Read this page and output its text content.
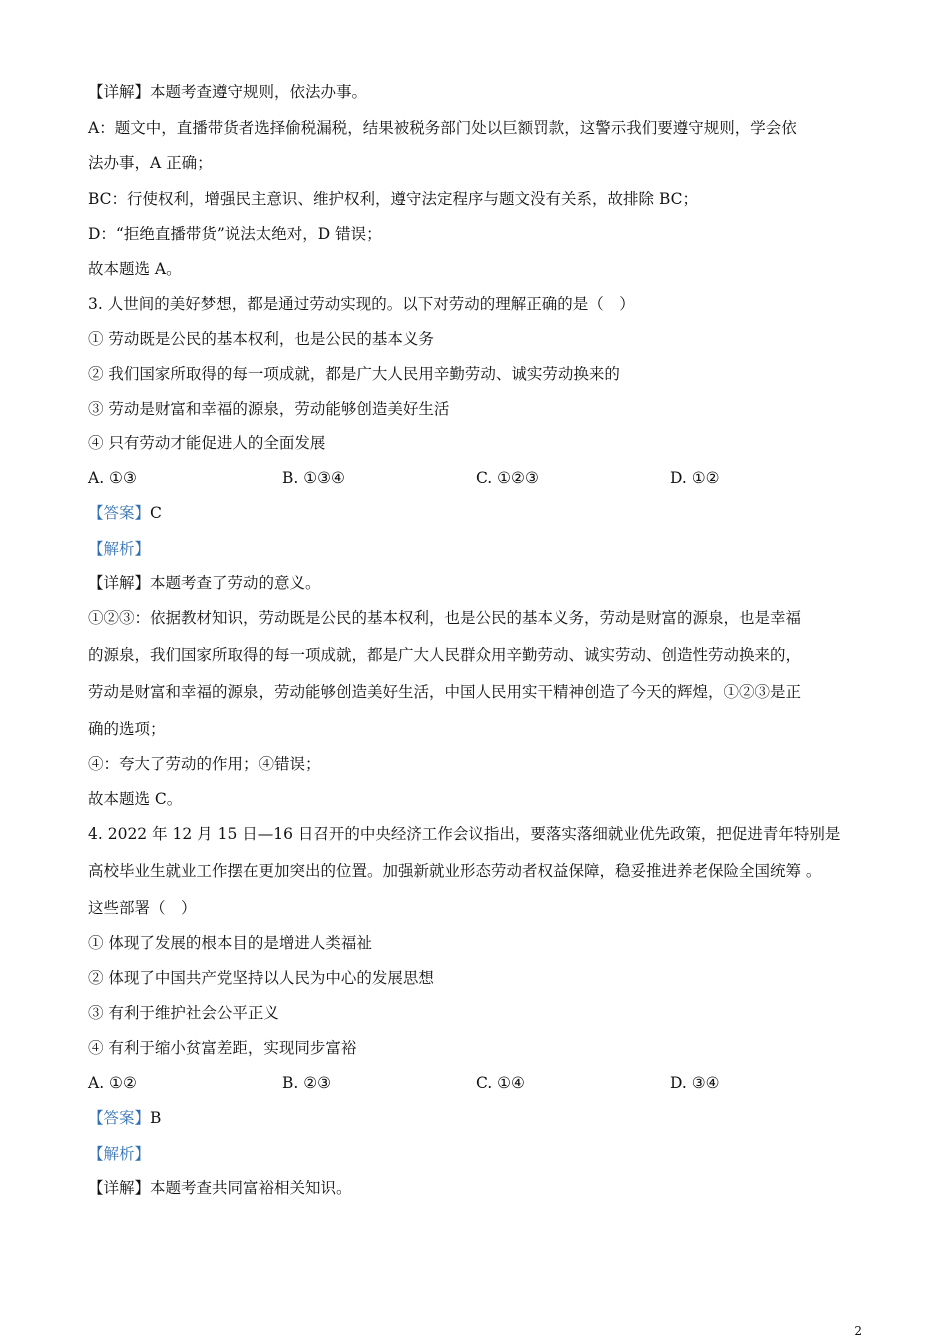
【详解】本题考查遵守规则，依法办事。
A：题文中，直播带货者选择偷税漏税，结果被税务部门处以巨额罚款，这警示我们要遵守规则，学会依
法办事，A 正确；
BC：行使权利，增强民主意识、维护权利，遵守法定程序与题文没有关系，故排除 BC；
D：“拒绝直播带货”说法太绝对，D 错误；
故本题选 A。
3. 人世间的美好梦想，都是通过劳动实现的。以下对劳动的理解正确的是（　）
① 劳动既是公民的基本权利，也是公民的基本义务
② 我们国家所取得的每一项成就，都是广大人民用辛勤劳动、诚实劳动换来的
③ 劳动是财富和幸福的源泉，劳动能够创造美好生活
④ 只有劳动才能促进人的全面发展
A. ①③	B. ①③④	C. ①②③	D. ①②
【答案】C
【解析】
【详解】本题考查了劳动的意义。
①②③：依据教材知识，劳动既是公民的基本权利，也是公民的基本义务，劳动是财富的源泉，也是幸福
的源泉，我们国家所取得的每一项成就，都是广大人民群众用辛勤劳动、诚实劳动、创造性劳动换来的，
劳动是财富和幸福的源泉，劳动能够创造美好生活，中国人民用实干精神创造了今天的辉煌，①②③是正
确的选项；
④：夸大了劳动的作用；④错误；
故本题选 C。
4. 2022 年 12 月 15 日—16 日召开的中央经济工作会议指出，要落实落细就业优先政策，把促进青年特别是
高校毕业生就业工作摆在更加突出的位置。加强新就业形态劳动者权益保障，稳妥推进养老保险全国统筹 。
这些部署（　）
① 体现了发展的根本目的是增进人类福祉
② 体现了中国共产党坚持以人民为中心的发展思想
③ 有利于维护社会公平正义
④ 有利于缩小贫富差距，实现同步富裕
A. ①②	B. ②③	C. ①④	D. ③④
【答案】B
【解析】
【详解】本题考查共同富裕相关知识。
2
